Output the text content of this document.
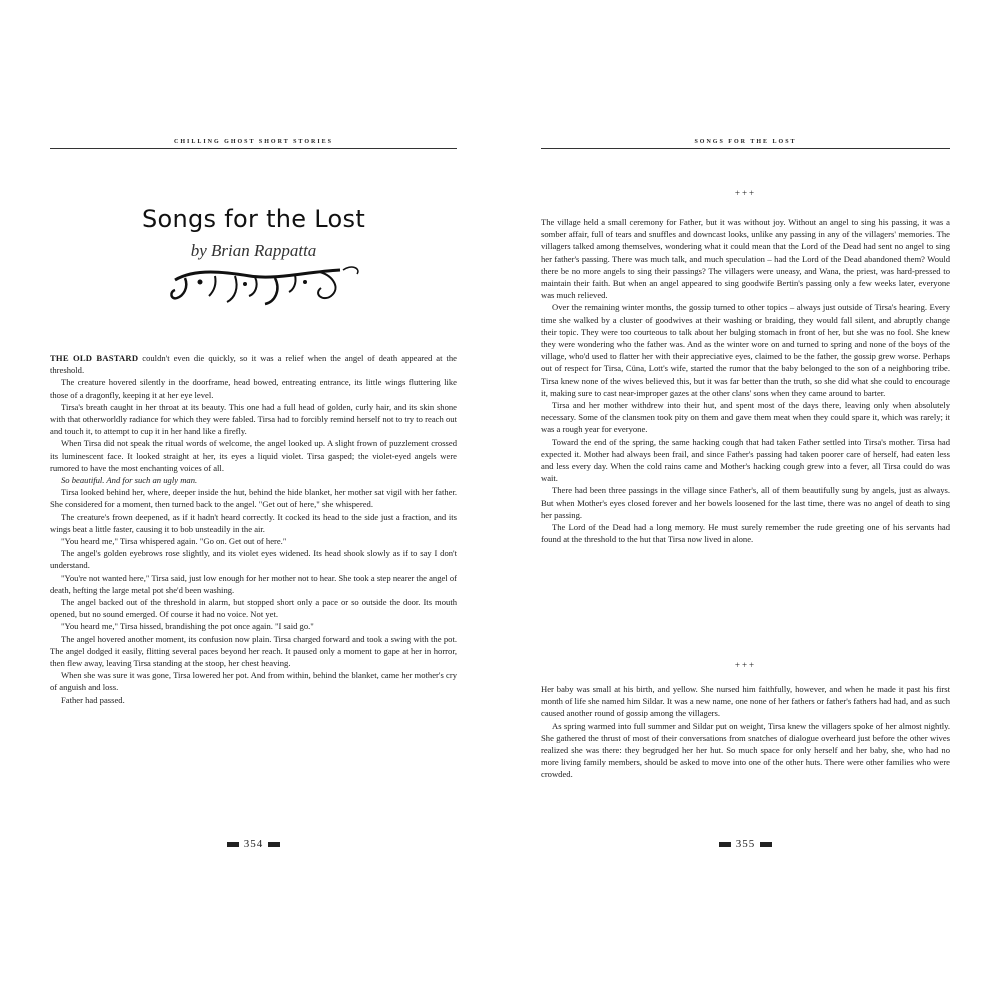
CHILLING GHOST SHORT STORIES
Songs for the Lost
by Brian Rappatta

THE OLD BASTARD couldn't even die quickly, so it was a relief when the angel of death appeared at the threshold.

The creature hovered silently in the doorframe, head bowed, entreating entrance, its little wings fluttering like those of a dragonfly, keeping it at her eye level.

Tirsa's breath caught in her throat at its beauty. This one had a full head of golden, curly hair, and its skin shone with that otherworldly radiance for which they were fabled. Tirsa had to forcibly remind herself not to try to reach out and touch it, to attempt to cup it in her hand like a firefly.

When Tirsa did not speak the ritual words of welcome, the angel looked up. A slight frown of puzzlement crossed its luminescent face. It looked straight at her, its eyes a liquid violet. Tirsa gasped; the violet-eyed angels were rumored to have the most enchanting voices of all.

So beautiful. And for such an ugly man.

Tirsa looked behind her, where, deeper inside the hut, behind the hide blanket, her mother sat vigil with her father. She considered for a moment, then turned back to the angel. "Get out of here," she whispered.

The creature's frown deepened, as if it hadn't heard correctly. It cocked its head to the side just a fraction, and its wings beat a little faster, causing it to bob unsteadily in the air.

"You heard me," Tirsa whispered again. "Go on. Get out of here."

The angel's golden eyebrows rose slightly, and its violet eyes widened. Its head shook slowly as if to say I don't understand.

"You're not wanted here," Tirsa said, just low enough for her mother not to hear. She took a step nearer the angel of death, hefting the large metal pot she'd been washing.

The angel backed out of the threshold in alarm, but stopped short only a pace or so outside the door. Its mouth opened, but no sound emerged. Of course it had no voice. Not yet.

"You heard me," Tirsa hissed, brandishing the pot once again. "I said go."

The angel hovered another moment, its confusion now plain. Tirsa charged forward and took a swing with the pot. The angel dodged it easily, flitting several paces beyond her reach. It paused only a moment to gape at her in horror, then flew away, leaving Tirsa standing at the stoop, her chest heaving.

When she was sure it was gone, Tirsa lowered her pot. And from within, behind the blanket, came her mother's cry of anguish and loss.

Father had passed.

354
SONGS FOR THE LOST
+++

The village held a small ceremony for Father, but it was without joy. Without an angel to sing his passing, it was a somber affair, full of tears and snuffles and downcast looks, unlike any passing in any of the villagers' memories. The villagers talked among themselves, wondering what it could mean that the Lord of the Dead had sent no angel to sing her father's passing. There was much talk, and much speculation – had the Lord of the Dead abandoned them? Would there be no more angels to sing their passings? The villagers were uneasy, and Wana, the priest, was hard-pressed to maintain their faith. But when an angel appeared to sing goodwife Bertin's passing only a few weeks later, everyone was much relieved.

Over the remaining winter months, the gossip turned to other topics – always just outside of Tirsa's hearing. Every time she walked by a cluster of goodwives at their washing or braiding, they would fall silent, and abruptly change their topic. They were too courteous to talk about her bulging stomach in front of her, but she was no fool. She knew they were wondering who the father was. And as the winter wore on and turned to spring and none of the boys of the village, who'd used to flatter her with their appreciative eyes, claimed to be the father, the gossip grew worse. Perhaps out of respect for Tirsa, Cüna, Lott's wife, started the rumor that the baby belonged to the son of a neighboring tribe. Tirsa knew none of the wives believed this, but it was far better than the truth, so she did what she could to encourage it, making sure to cast near-improper gazes at the other clans' sons when they came around to barter.

Tirsa and her mother withdrew into their hut, and spent most of the days there, leaving only when absolutely necessary. Some of the clansmen took pity on them and gave them meat when they could spare it, which was rarely; it was a rough year for everyone.

Toward the end of the spring, the same hacking cough that had taken Father settled into Tirsa's mother. Tirsa had expected it. Mother had always been frail, and since Father's passing had taken poorer care of herself, had eaten less and less every day. When the cold rains came and Mother's hacking cough grew into a fever, all Tirsa could do was wait.

There had been three passings in the village since Father's, all of them beautifully sung by angels, just as always. But when Mother's eyes closed forever and her bowels loosened for the last time, there was no angel of death to sing her passing.

The Lord of the Dead had a long memory. He must surely remember the rude greeting one of his servants had found at the threshold to the hut that Tirsa now lived in alone.

+++

Her baby was small at his birth, and yellow. She nursed him faithfully, however, and when he made it past his first month of life she named him Sildar. It was a new name, one none of her fathers or father's fathers had had, and as such caused another round of gossip among the villagers.

As spring warmed into full summer and Sildar put on weight, Tirsa knew the villagers spoke of her almost nightly. She gathered the thrust of most of their conversations from snatches of dialogue overheard just before the other wives realized she was there: they begrudged her her hut. So much space for only herself and her baby, she, who had no more living family members, should be asked to move into one of the other huts. There were other families who were crowded.

355
